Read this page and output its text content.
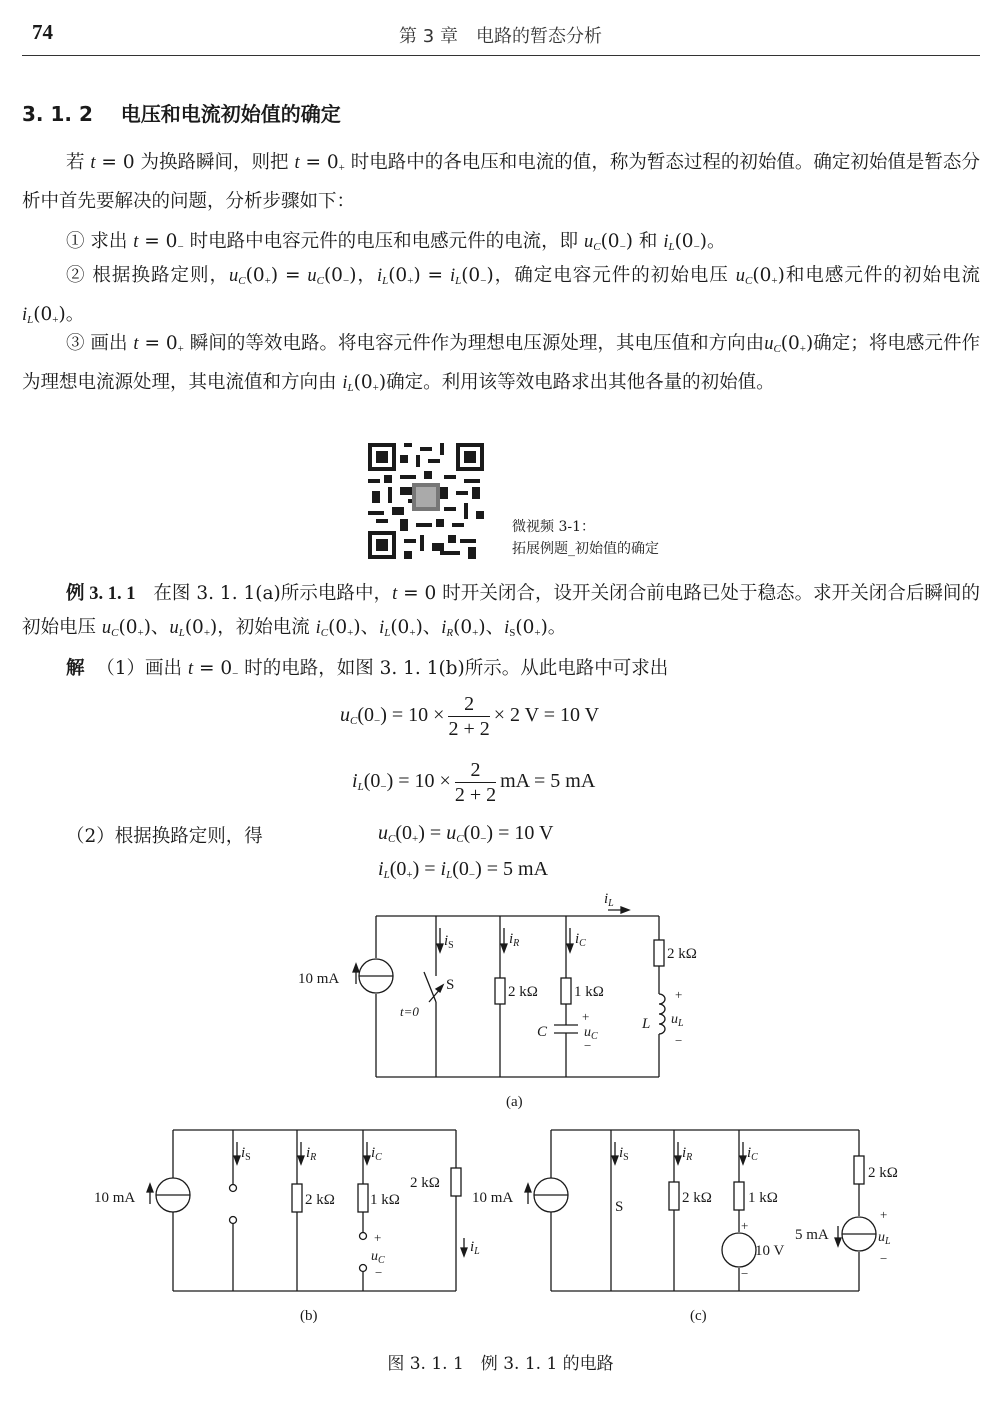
74	第 3 章　电路的暂态分析
3. 1. 2 电压和电流初始值的确定
若 t = 0 为换路瞬间，则把 $t = 0_+$ 时电路中的各电压和电流的值，称为暂态过程的初始值。确定初始值是暂态分析中首先要解决的问题，分析步骤如下：
① 求出 $t = 0_-$ 时电路中电容元件的电压和电感元件的电流，即 $u_C(0_-)$ 和 $i_L(0_-)$。
② 根据换路定则，$u_C(0_+) = u_C(0_-)$，$i_L(0_+) = i_L(0_-)$，确定电容元件的初始电压 $u_C(0_+)$和电感元件的初始电流 $i_L(0_+)$。
③ 画出 $t = 0_+$ 瞬间的等效电路。将电容元件作为理想电压源处理，其电压值和方向由$u_C(0_+)$确定；将电感元件作为理想电流源处理，其电流值和方向由 $i_L(0_+)$确定。利用该等效电路求出其他各量的初始值。
微视频 3-1：
拓展例题_初始值的确定
例 3. 1. 1 在图 3. 1. 1(a)所示电路中，t = 0 时开关闭合，设开关闭合前电路已处于稳态。求开关闭合后瞬间的初始电压 $u_C(0_+)$、$u_L(0_+)$，初始电流 $i_C(0_+)$、$i_L(0_+)$、$i_R(0_+)$、$i_S(0_+)$。
解 （1）画出 $t = 0_-$ 时的电路，如图 3. 1. 1(b)所示。从此电路中可求出
$u_C(0_-) = 10 \times \frac{2}{2 + 2} \times 2$ V = 10 V
$i_L(0_-) = 10 \times \frac{2}{2 + 2}$ mA = 5 mA
（2）根据换路定则，得	$u_C(0_+) = u_C(0_-) = 10$ V
$i_L(0_+) = i_L(0_-) = 5$ mA
10 mA
$i_S$
S
t=0
$i_R$
2 kΩ
$i_C$
1 kΩ
C
+
$u_C$
−
$i_L$
2 kΩ
L
+
$u_L$
−
(a)
10 mA
$i_S$	$i_R$
2 kΩ
$i_C$
1 kΩ
+
$u_C$
−
2 kΩ
$i_L$
(b)
10 mA
$i_S$
S
$i_R$
2 kΩ
$i_C$
1 kΩ
+
10 V
−
2 kΩ
5 mA
+
$u_L$
−
(c)
图 3. 1. 1　例 3. 1. 1 的电路
